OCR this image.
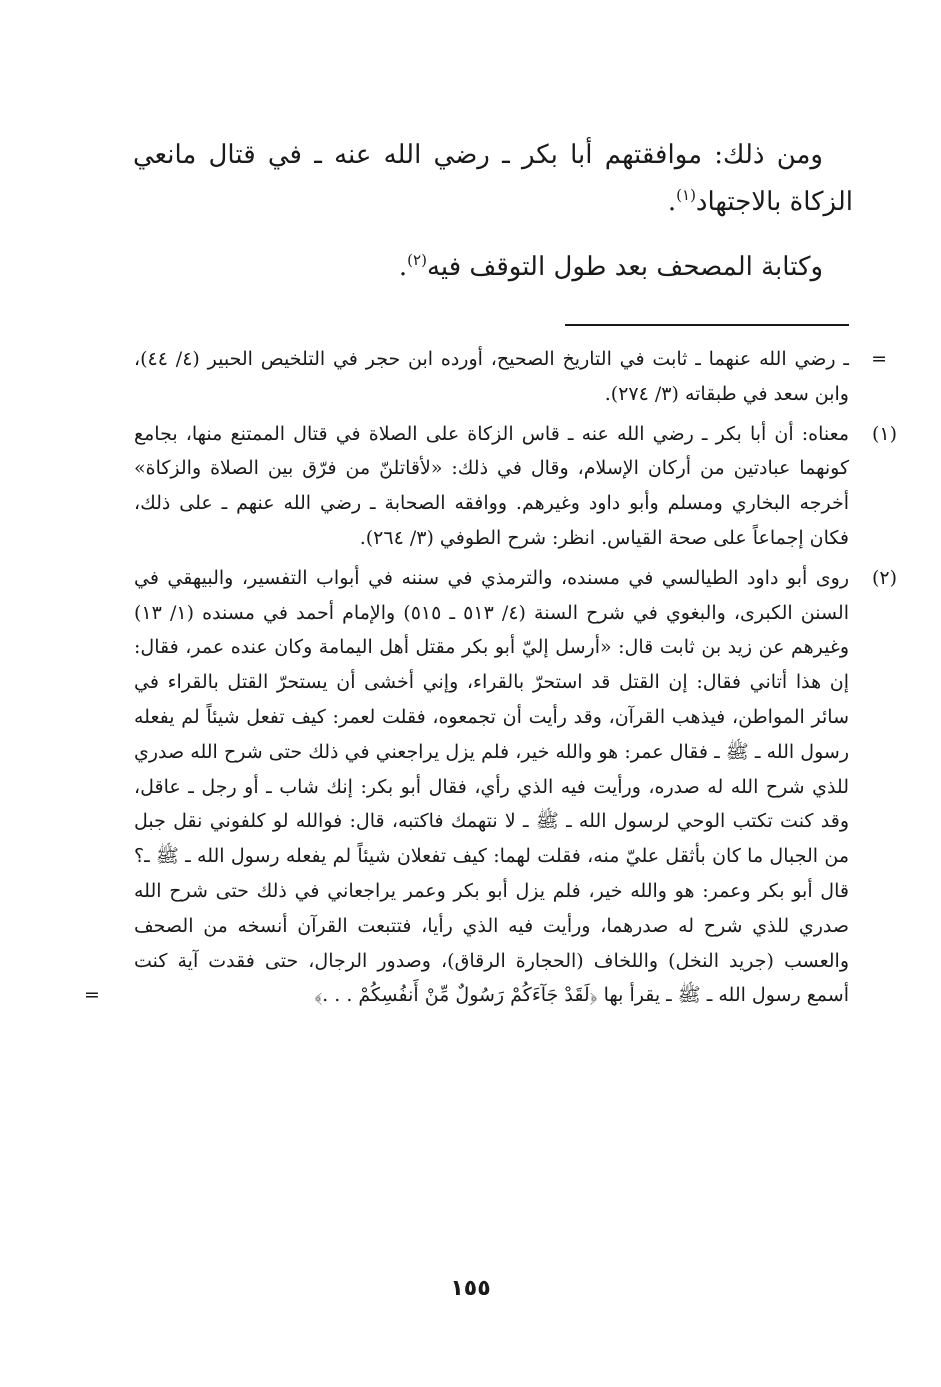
ومن ذلك: موافقتهم أبا بكر ـ رضي الله عنه ـ في قتال مانعي الزكاة بالاجتهاد$^{(١)}$.

وكتابة المصحف بعد طول التوقف فيه$^{(٢)}$.

=
ـ رضي الله عنهما ـ ثابت في التاريخ الصحيح، أورده ابن حجر في التلخيص الحبير (٤/ ٤٤)، وابن سعد في طبقاته (٣/ ٢٧٤).

(١)
معناه: أن أبا بكر ـ رضي الله عنه ـ قاس الزكاة على الصلاة في قتال الممتنع منها، بجامع كونهما عبادتين من أركان الإسلام، وقال في ذلك: «لأقاتلنّ من فرّق بين الصلاة والزكاة» أخرجه البخاري ومسلم وأبو داود وغيرهم. ووافقه الصحابة ـ رضي الله عنهم ـ على ذلك، فكان إجماعاً على صحة القياس. انظر: شرح الطوفي (٣/ ٢٦٤).

(٢)
روى أبو داود الطيالسي في مسنده، والترمذي في سننه في أبواب التفسير، والبيهقي في السنن الكبرى، والبغوي في شرح السنة (٤/ ٥١٣ ـ ٥١٥) والإمام أحمد في مسنده (١/ ١٣) وغيرهم عن زيد بن ثابت قال: «أرسل إليّ أبو بكر مقتل أهل اليمامة وكان عنده عمر، فقال: إن هذا أتاني فقال: إن القتل قد استحرّ بالقراء، وإني أخشى أن يستحرّ القتل بالقراء في سائر المواطن، فيذهب القرآن، وقد رأيت أن تجمعوه، فقلت لعمر: كيف تفعل شيئاً لم يفعله رسول الله ـ ﷺ ـ فقال عمر: هو والله خير، فلم يزل يراجعني في ذلك حتى شرح الله صدري للذي شرح الله له صدره، ورأيت فيه الذي رأي، فقال أبو بكر: إنك شاب ـ أو رجل ـ عاقل، وقد كنت تكتب الوحي لرسول الله ـ ﷺ ـ لا نتهمك فاكتبه، قال: فوالله لو كلفوني نقل جبل من الجبال ما كان بأثقل عليّ منه، فقلت لهما: كيف تفعلان شيئاً لم يفعله رسول الله ـ ﷺ ـ؟ قال أبو بكر وعمر: هو والله خير، فلم يزل أبو بكر وعمر يراجعاني في ذلك حتى شرح الله صدري للذي شرح له صدرهما، ورأيت فيه الذي رأيا، فتتبعت القرآن أنسخه من الصحف والعسب (جريد النخل) واللخاف (الحجارة الرقاق)، وصدور الرجال، حتى فقدت آية كنت أسمع رسول الله ـ ﷺ ـ يقرأ بها ﴿لَقَدْ جَآءَكُمْ رَسُولٌ مِّنْ أَنفُسِكُمْ . . .﴾
=

١٥٥
